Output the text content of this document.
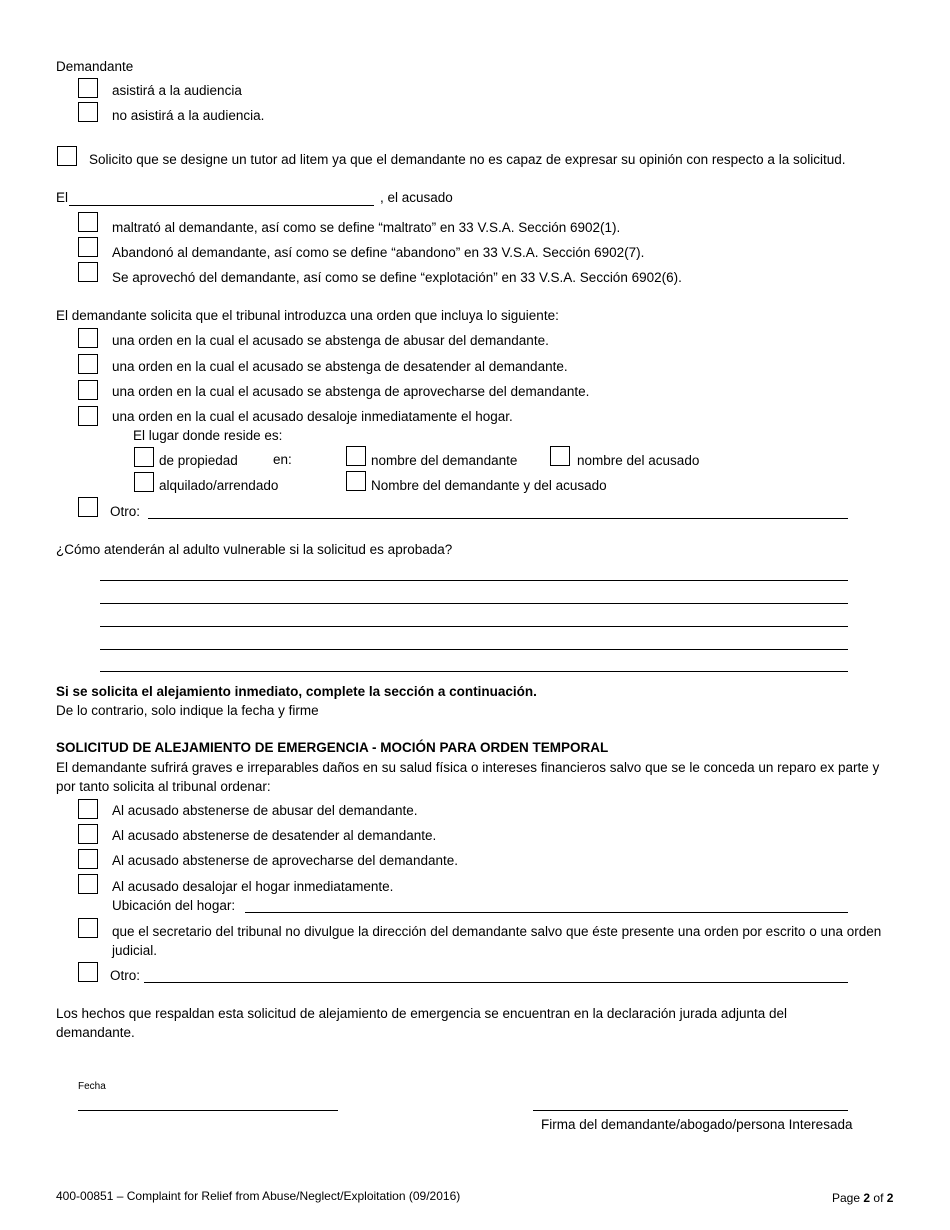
Demandante
asistirá a la audiencia
no asistirá a la audiencia.
Solicito que se designe un tutor ad litem ya que el demandante no es capaz de expresar su opinión con respecto a la solicitud.
El	, el acusado
maltrató al demandante, así como se define “maltrato” en 33 V.S.A. Sección 6902(1).
Abandonó al demandante, así como se define “abandono” en 33 V.S.A. Sección 6902(7).
Se aprovechó del demandante, así como se define “explotación” en 33 V.S.A. Sección 6902(6).
El demandante solicita que el tribunal introduzca una orden que incluya lo siguiente:
una orden en la cual el acusado se abstenga de abusar del demandante.
una orden en la cual el acusado se abstenga de desatender al demandante.
una orden en la cual el acusado se abstenga de aprovecharse del demandante.
una orden en la cual el acusado desaloje inmediatamente el hogar.
El lugar donde reside es:
de propiedad	en:	nombre del demandante	nombre del acusado
alquilado/arrendado	Nombre del demandante y del acusado
Otro:
¿Cómo atenderán al adulto vulnerable si la solicitud es aprobada?
Si se solicita el alejamiento inmediato, complete la sección a continuación.
De lo contrario, solo indique la fecha y firme
SOLICITUD DE ALEJAMIENTO DE EMERGENCIA - MOCIÓN PARA ORDEN TEMPORAL
El demandante sufrirá graves e irreparables daños en su salud física o intereses financieros salvo que se le conceda un reparo ex parte y por tanto solicita al tribunal ordenar:
Al acusado abstenerse de abusar del demandante.
Al acusado abstenerse de desatender al demandante.
Al acusado abstenerse de aprovecharse del demandante.
Al acusado desalojar el hogar inmediatamente.
Ubicación del hogar:
que el secretario del tribunal no divulgue la dirección del demandante salvo que éste presente una orden por escrito o una orden judicial.
Otro:
Los hechos que respaldan esta solicitud de alejamiento de emergencia se encuentran en la declaración jurada adjunta del demandante.
Fecha
Firma del demandante/abogado/persona Interesada
400-00851 – Complaint for Relief from Abuse/Neglect/Exploitation (09/2016)	Page 2 of 2
